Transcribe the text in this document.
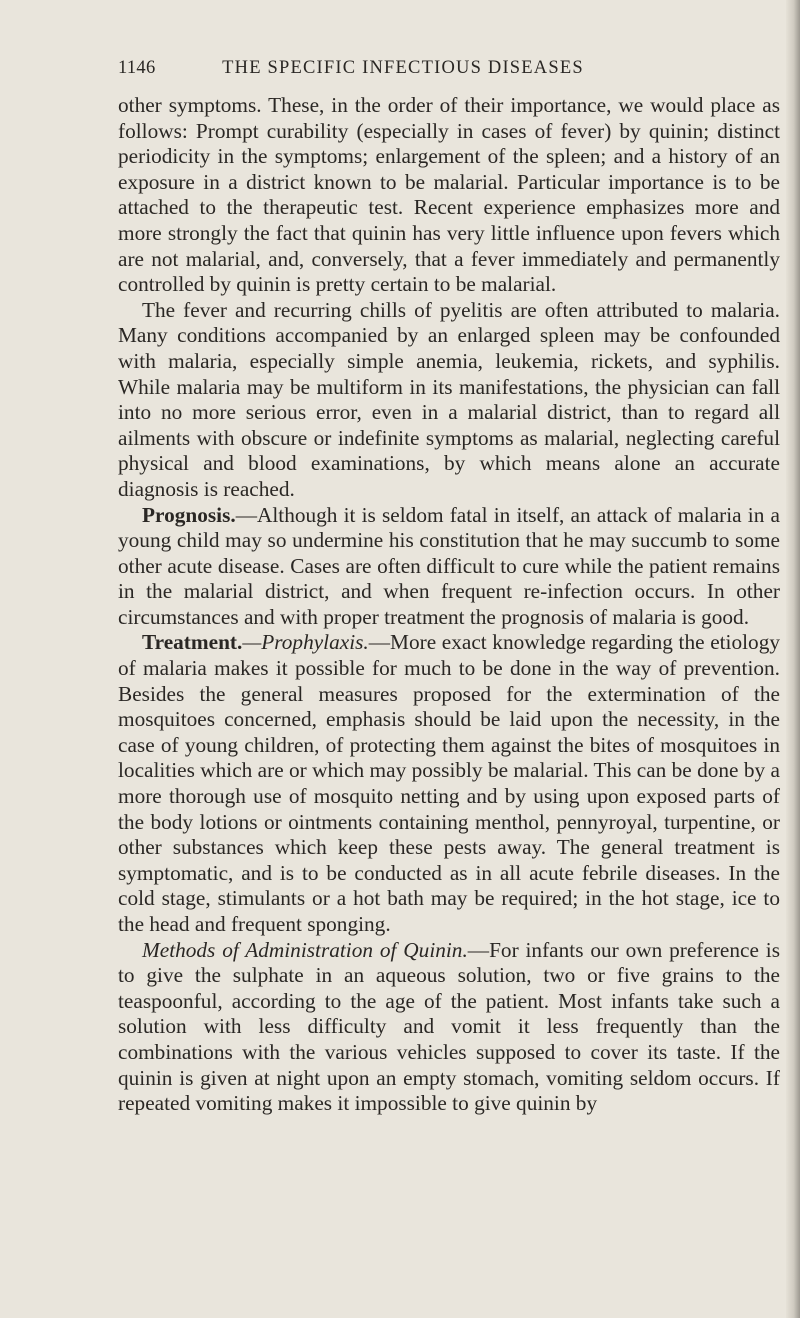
1146	THE SPECIFIC INFECTIOUS DISEASES

other symptoms. These, in the order of their importance, we would place as follows: Prompt curability (especially in cases of fever) by quinin; distinct periodicity in the symptoms; enlargement of the spleen; and a history of an exposure in a district known to be malarial. Particular importance is to be attached to the therapeutic test. Recent experience emphasizes more and more strongly the fact that quinin has very little influence upon fevers which are not malarial, and, conversely, that a fever immediately and permanently controlled by quinin is pretty certain to be malarial.

The fever and recurring chills of pyelitis are often attributed to malaria. Many conditions accompanied by an enlarged spleen may be confounded with malaria, especially simple anemia, leukemia, rickets, and syphilis. While malaria may be multiform in its manifestations, the physician can fall into no more serious error, even in a malarial district, than to regard all ailments with obscure or indefinite symptoms as malarial, neglecting careful physical and blood examinations, by which means alone an accurate diagnosis is reached.

Prognosis.—Although it is seldom fatal in itself, an attack of malaria in a young child may so undermine his constitution that he may succumb to some other acute disease. Cases are often difficult to cure while the patient remains in the malarial district, and when frequent re-infection occurs. In other circumstances and with proper treatment the prognosis of malaria is good.

Treatment.—Prophylaxis.—More exact knowledge regarding the etiology of malaria makes it possible for much to be done in the way of prevention. Besides the general measures proposed for the extermination of the mosquitoes concerned, emphasis should be laid upon the necessity, in the case of young children, of protecting them against the bites of mosquitoes in localities which are or which may possibly be malarial. This can be done by a more thorough use of mosquito netting and by using upon exposed parts of the body lotions or ointments containing menthol, pennyroyal, turpentine, or other substances which keep these pests away. The general treatment is symptomatic, and is to be conducted as in all acute febrile diseases. In the cold stage, stimulants or a hot bath may be required; in the hot stage, ice to the head and frequent sponging.

Methods of Administration of Quinin.—For infants our own preference is to give the sulphate in an aqueous solution, two or five grains to the teaspoonful, according to the age of the patient. Most infants take such a solution with less difficulty and vomit it less frequently than the combinations with the various vehicles supposed to cover its taste. If the quinin is given at night upon an empty stomach, vomiting seldom occurs. If repeated vomiting makes it impossible to give quinin by
